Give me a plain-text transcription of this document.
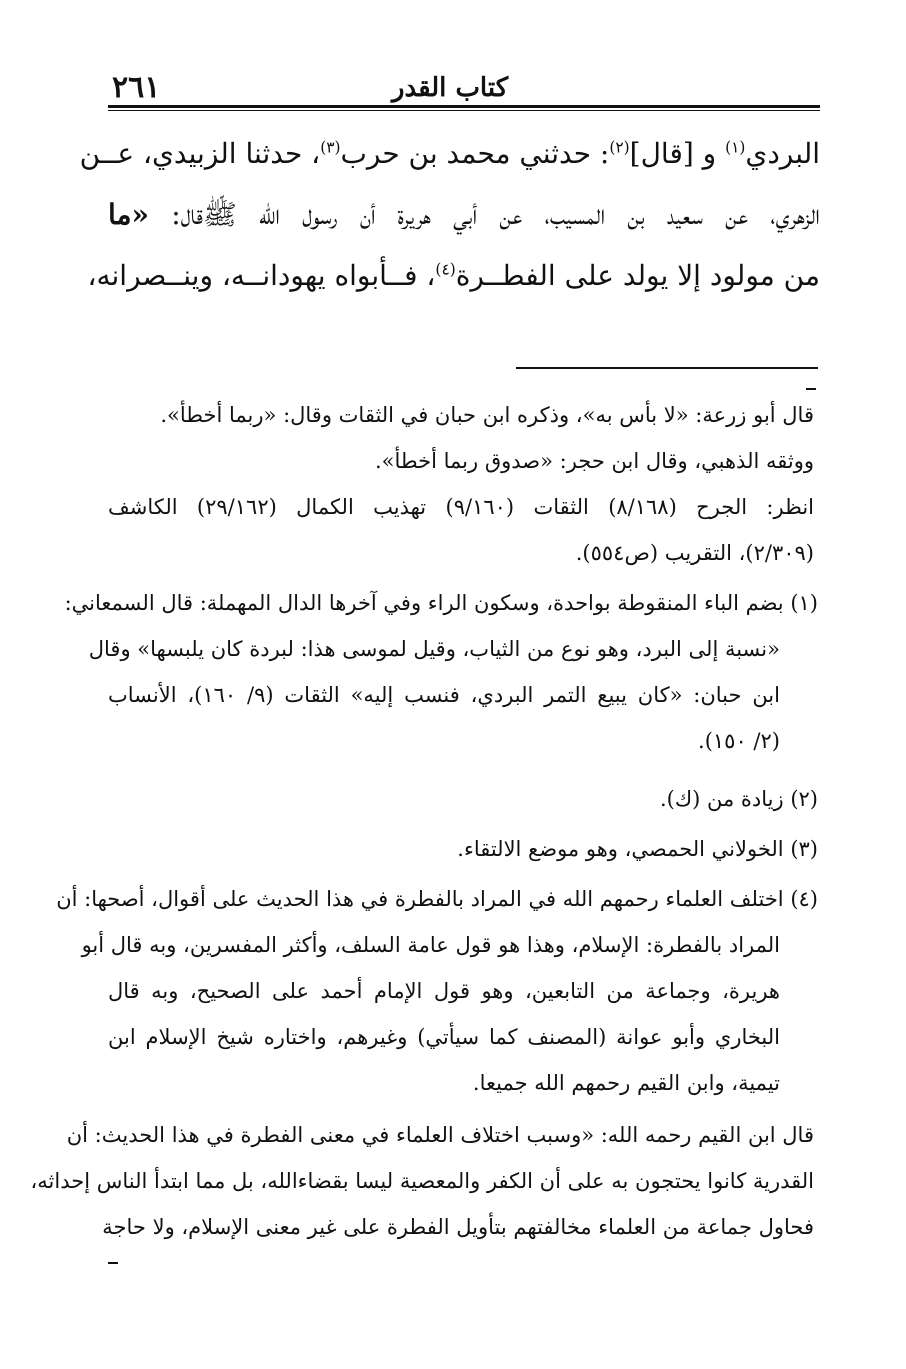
٢٦١	كتاب القدر
البردي$^{(١)}$ و [قال]$^{(٢)}$: حدثني محمد بن حرب$^{(٣)}$، حدثنا الزبيدي، عــن
الزهري، عن سعيد بن المسيب، عن أبي هريرة أن رسول الله ﷺقال: «ما
من مولود إلا يولد على الفطــرة$^{(٤)}$، فــأبواه يهودانــه، وينــصرانه،
قال أبو زرعة: «لا بأس به»، وذكره ابن حبان في الثقات وقال: «ربما أخطأ».
ووثقه الذهبي، وقال ابن حجر: «صدوق ربما أخطأ».
انظر: الجرح (٨/١٦٨) الثقات (٩/١٦٠) تهذيب الكمال (٢٩/١٦٢) الكاشف
(٢/٣٠٩)، التقريب (ص٥٥٤).
(١) بضم الباء المنقوطة بواحدة، وسكون الراء وفي آخرها الدال المهملة: قال السمعاني:
«نسبة إلى البرد، وهو نوع من الثياب، وقيل لموسى هذا: لبردة كان يلبسها» وقال
ابن حبان: «كان يبيع التمر البردي، فنسب إليه» الثقات (٩/ ١٦٠)، الأنساب
(٢/ ١٥٠).
(٢) زيادة من (ك).
(٣) الخولاني الحمصي، وهو موضع الالتقاء.
(٤) اختلف العلماء رحمهم الله في المراد بالفطرة في هذا الحديث على أقوال، أصحها: أن
المراد بالفطرة: الإسلام، وهذا هو قول عامة السلف، وأكثر المفسرين، وبه قال أبو
هريرة، وجماعة من التابعين، وهو قول الإمام أحمد على الصحيح، وبه قال
البخاري وأبو عوانة (المصنف كما سيأتي) وغيرهم، واختاره شيخ الإسلام ابن
تيمية، وابن القيم رحمهم الله جميعا.
قال ابن القيم رحمه الله: «وسبب اختلاف العلماء في معنى الفطرة في هذا الحديث: أن
القدرية كانوا يحتجون به على أن الكفر والمعصية ليسا بقضاءالله، بل مما ابتدأ الناس إحداثه،
فحاول جماعة من العلماء مخالفتهم بتأويل الفطرة على غير معنى الإسلام، ولا حاجة
